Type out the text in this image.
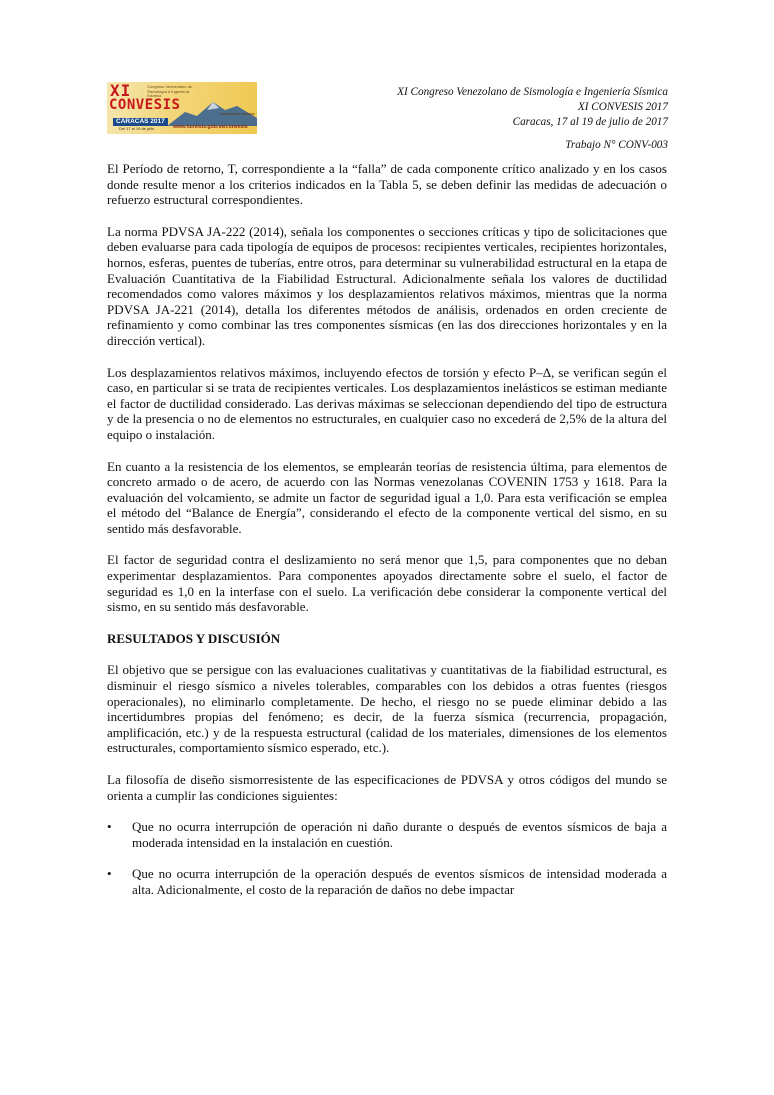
XI	Congreso Venezolano de Sismología e Ingeniería Sísmica
CONVESIS
CARACAS 2017
Del 17 al 19 de julio
Inscripciones abiertas
www.funvisis.gob.ve/convesis
XI Congreso Venezolano de Sismología e Ingeniería Sísmica
XI CONVESIS 2017
Caracas, 17 al 19 de julio de 2017
Trabajo N° CONV-003

El Período de retorno, T, correspondiente a la “falla” de cada componente crítico analizado y en los casos donde resulte menor a los criterios indicados en la Tabla 5, se deben definir las medidas de adecuación o refuerzo estructural correspondientes.

La norma PDVSA JA-222 (2014), señala los componentes o secciones críticas y tipo de solicitaciones que deben evaluarse para cada tipología de equipos de procesos: recipientes verticales, recipientes horizontales, hornos, esferas, puentes de tuberías, entre otros, para determinar su vulnerabilidad estructural en la etapa de Evaluación Cuantitativa de la Fiabilidad Estructural. Adicionalmente señala los valores de ductilidad recomendados como valores máximos y los desplazamientos relativos máximos, mientras que la norma PDVSA JA-221 (2014), detalla los diferentes métodos de análisis, ordenados en orden creciente de refinamiento y como combinar las tres componentes sísmicas (en las dos direcciones horizontales y en la dirección vertical).

Los desplazamientos relativos máximos, incluyendo efectos de torsión y efecto P–Δ, se verifican según el caso, en particular si se trata de recipientes verticales. Los desplazamientos inelásticos se estiman mediante el factor de ductilidad considerado. Las derivas máximas se seleccionan dependiendo del tipo de estructura y de la presencia o no de elementos no estructurales, en cualquier caso no excederá de 2,5% de la altura del equipo o instalación.

En cuanto a la resistencia de los elementos, se emplearán teorías de resistencia última, para elementos de concreto armado o de acero, de acuerdo con las Normas venezolanas COVENIN 1753 y 1618. Para la evaluación del volcamiento, se admite un factor de seguridad igual a 1,0. Para esta verificación se emplea el método del “Balance de Energía”, considerando el efecto de la componente vertical del sismo, en su sentido más desfavorable.

El factor de seguridad contra el deslizamiento no será menor que 1,5, para componentes que no deban experimentar desplazamientos. Para componentes apoyados directamente sobre el suelo, el factor de seguridad es 1,0 en la interfase con el suelo. La verificación debe considerar la componente vertical del sismo, en su sentido más desfavorable.

RESULTADOS Y DISCUSIÓN

El objetivo que se persigue con las evaluaciones cualitativas y cuantitativas de la fiabilidad estructural, es disminuir el riesgo sísmico a niveles tolerables, comparables con los debidos a otras fuentes (riesgos operacionales), no eliminarlo completamente. De hecho, el riesgo no se puede eliminar debido a las incertidumbres propias del fenómeno; es decir, de la fuerza sísmica (recurrencia, propagación, amplificación, etc.) y de la respuesta estructural (calidad de los materiales, dimensiones de los elementos estructurales, comportamiento sísmico esperado, etc.).

La filosofía de diseño sismorresistente de las especificaciones de PDVSA y otros códigos del mundo se orienta a cumplir las condiciones siguientes:

• Que no ocurra interrupción de operación ni daño durante o después de eventos sísmicos de baja a moderada intensidad en la instalación en cuestión.
• Que no ocurra interrupción de la operación después de eventos sísmicos de intensidad moderada a alta. Adicionalmente, el costo de la reparación de daños no debe impactar
